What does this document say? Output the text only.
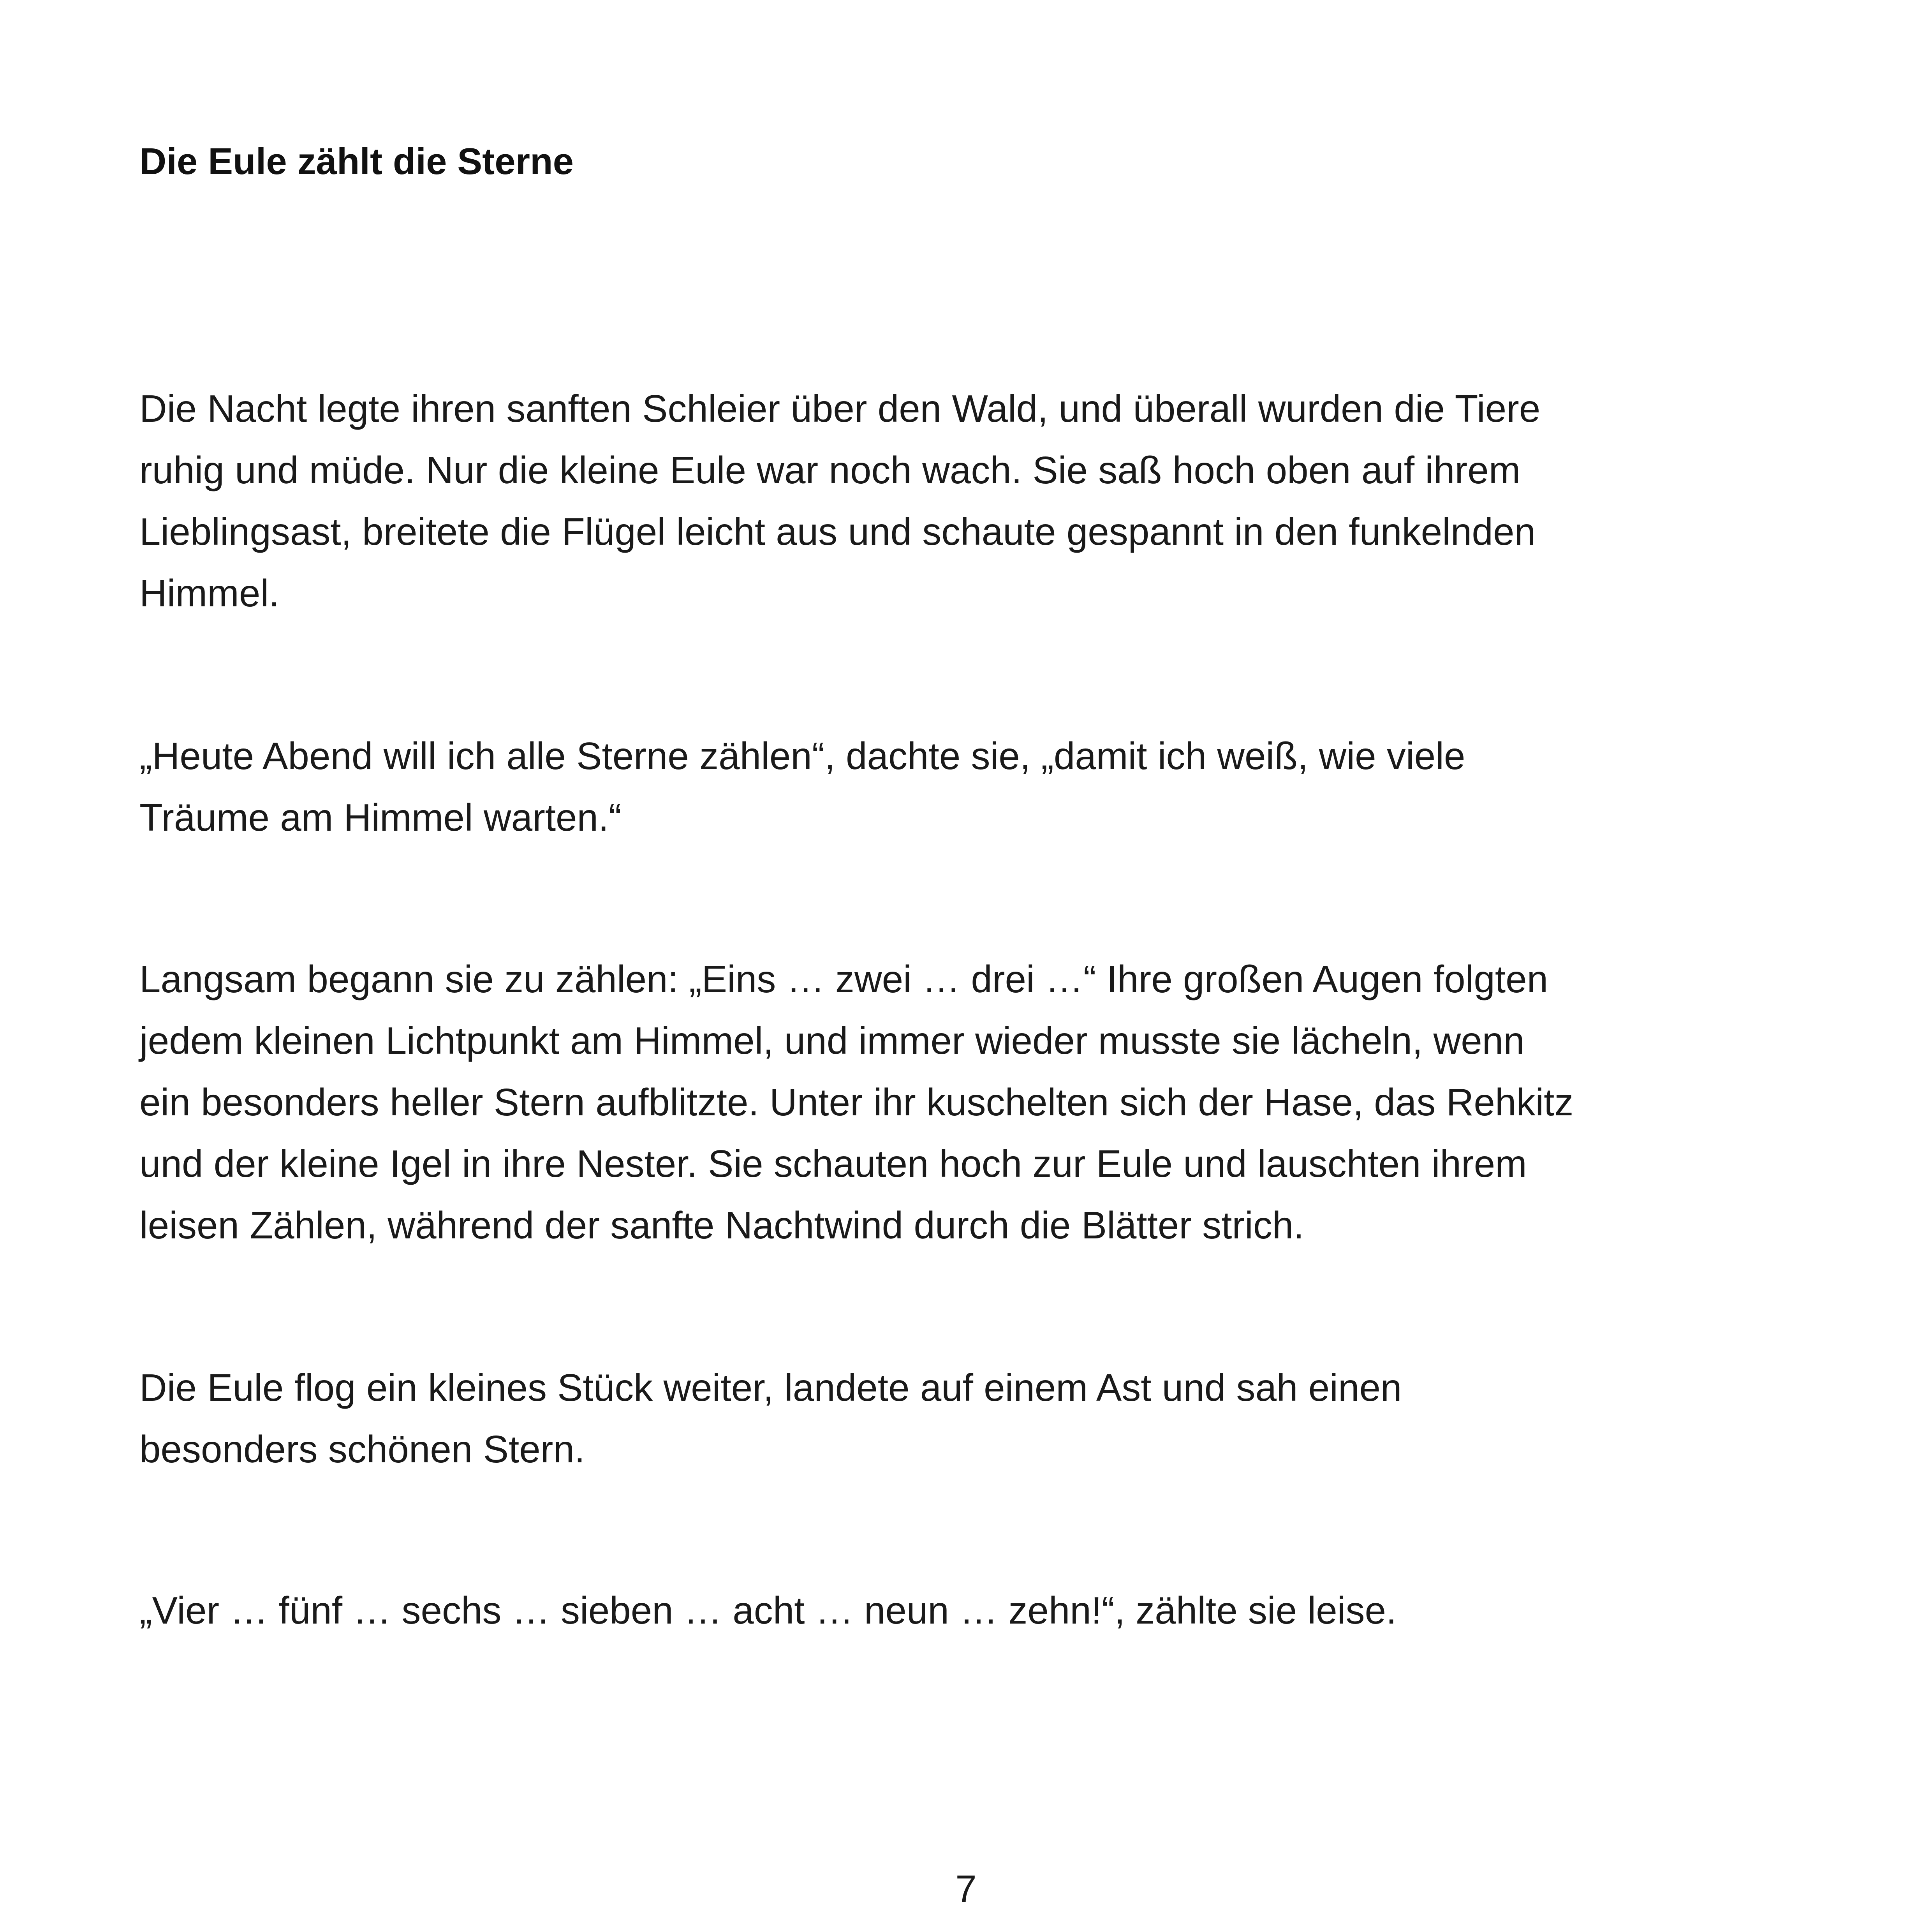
Die Eule zählt die Sterne

Die Nacht legte ihren sanften Schleier über den Wald, und überall wurden die Tiere
ruhig und müde. Nur die kleine Eule war noch wach. Sie saß hoch oben auf ihrem
Lieblingsast, breitete die Flügel leicht aus und schaute gespannt in den funkelnden
Himmel.

„Heute Abend will ich alle Sterne zählen“, dachte sie, „damit ich weiß, wie viele
Träume am Himmel warten.“

Langsam begann sie zu zählen: „Eins … zwei … drei …“ Ihre großen Augen folgten
jedem kleinen Lichtpunkt am Himmel, und immer wieder musste sie lächeln, wenn
ein besonders heller Stern aufblitzte. Unter ihr kuschelten sich der Hase, das Rehkitz
und der kleine Igel in ihre Nester. Sie schauten hoch zur Eule und lauschten ihrem
leisen Zählen, während der sanfte Nachtwind durch die Blätter strich.

Die Eule flog ein kleines Stück weiter, landete auf einem Ast und sah einen
besonders schönen Stern.

„Vier … fünf … sechs … sieben … acht … neun … zehn!“, zählte sie leise.

7
